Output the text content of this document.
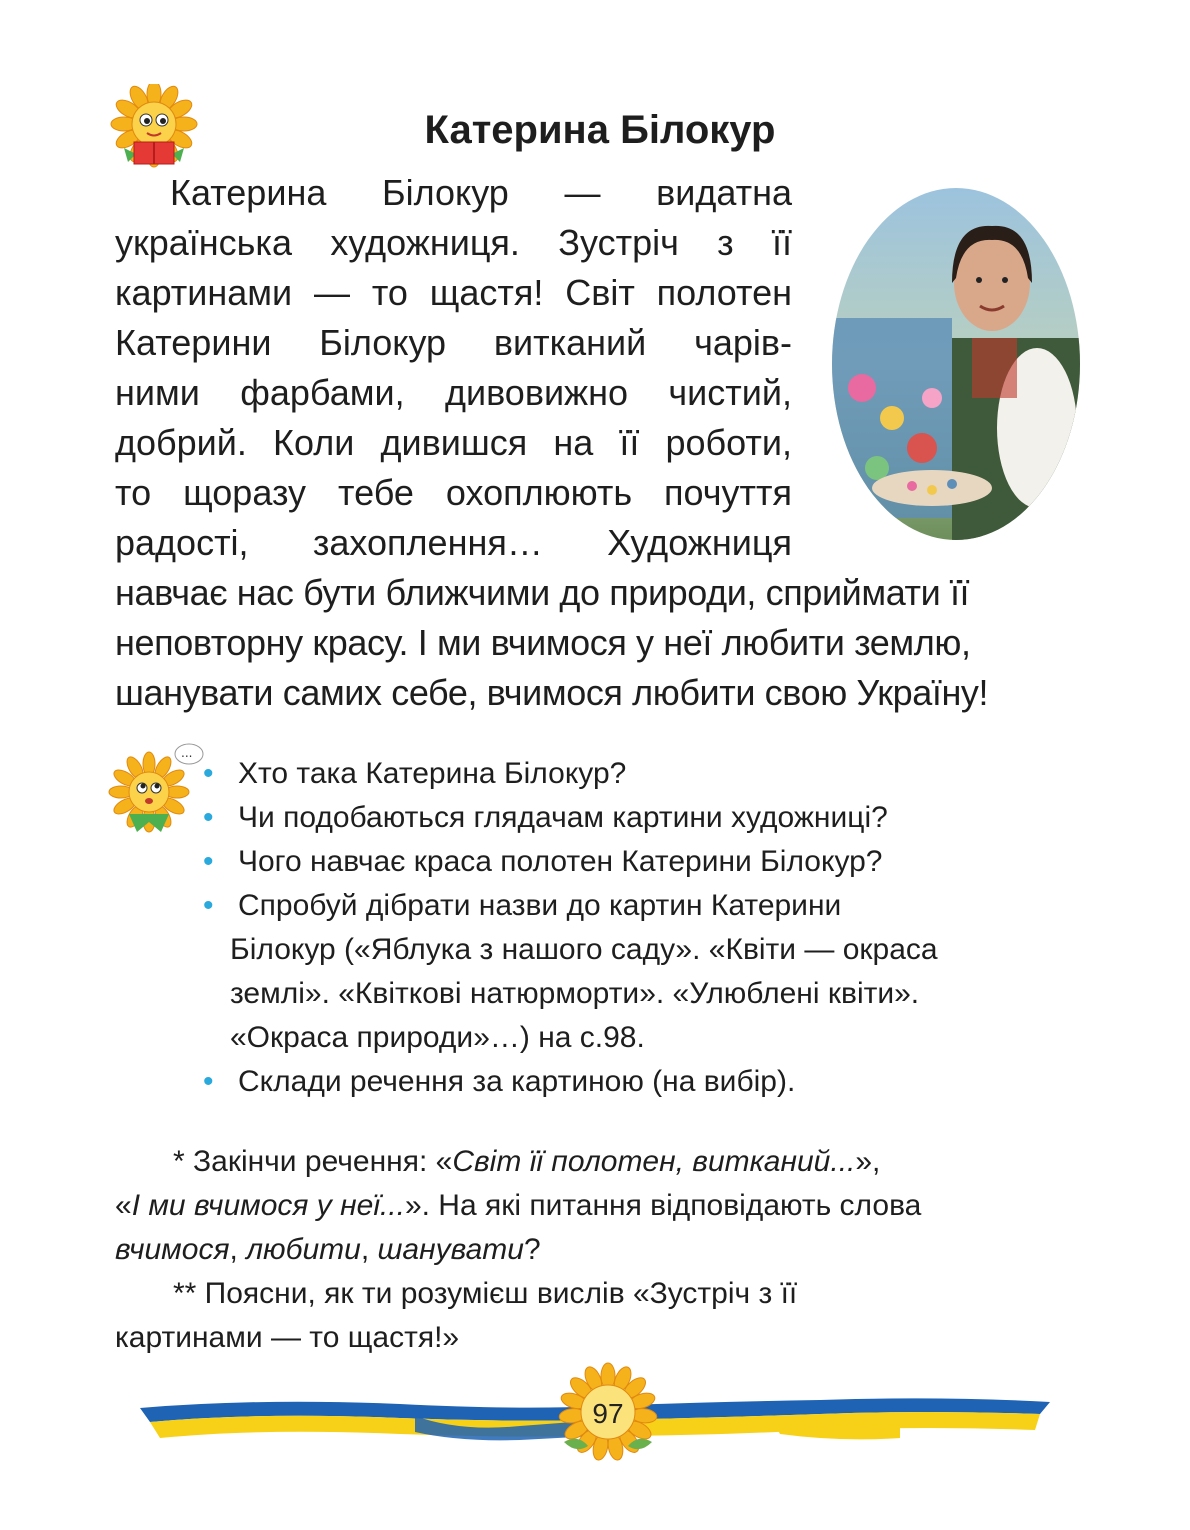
Катерина Білокур
Катерина Білокур — видатна
українська художниця. Зустріч з її
картинами — то щастя! Світ полотен
Катерини Білокур витканий чарів-
ними фарбами, дивовижно чистий,
добрий. Коли дивишся на її роботи,
то щоразу тебе охоплюють почуття
радості, захоплення… Художниця
навчає нас бути ближчими до природи, сприймати її
неповторну красу. І ми вчимося у неї любити землю,
шанувати самих себе, вчимося любити свою Україну!
...
• Хто така Катерина Білокур?
• Чи подобаються глядачам картини художниці?
• Чого навчає краса полотен Катерини Білокур?
• Спробуй дібрати назви до картин Катерини
Білокур («Яблука з нашого саду». «Квіти — окраса
землі». «Квіткові натюрморти». «Улюблені квіти».
«Окраса природи»…) на с.98.
• Склади речення за картиною (на вибір).

* Закінчи речення: «Світ її полотен, витканий...»,

«І ми вчимося у неї...». На які питання відповідають слова

вчимося, любити, шанувати?

** Поясни, як ти розумієш вислів «Зустріч з її

картинами — то щастя!»

97
